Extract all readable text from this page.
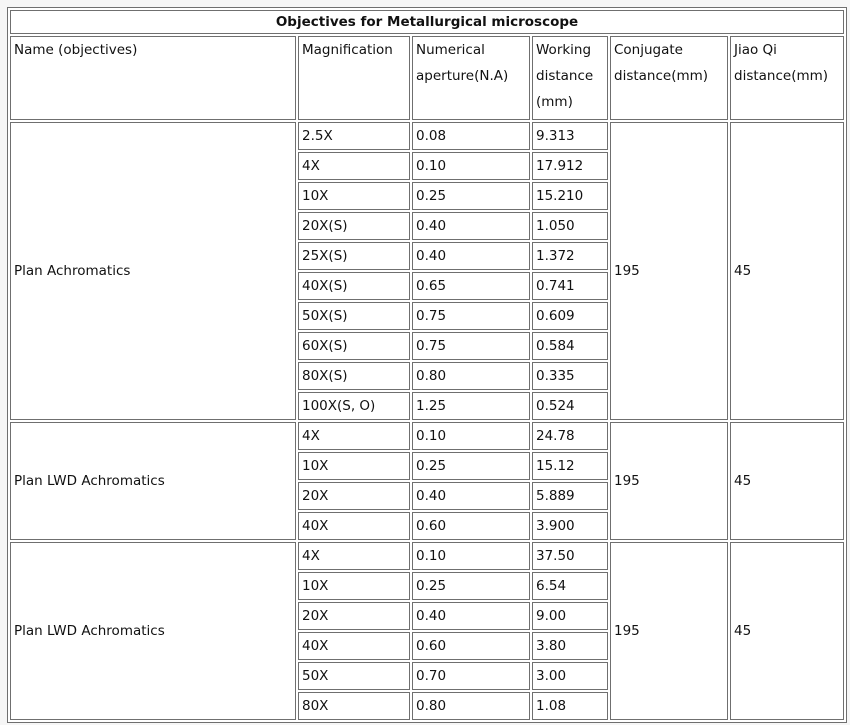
Objectives for Metallurgical microscope					
Name (objectives)	Magnification	Numerical aperture(N.A)	Working distance (mm)	Conjugate distance(mm)	Jiao Qi distance(mm)
Plan Achromatics	2.5X	0.08	9.313	195	45
	4X	0.10	17.912		
	10X	0.25	15.210		
	20X(S)	0.40	1.050		
	25X(S)	0.40	1.372		
	40X(S)	0.65	0.741		
	50X(S)	0.75	0.609		
	60X(S)	0.75	0.584		
	80X(S)	0.80	0.335		
	100X(S, O)	1.25	0.524		
Plan LWD Achromatics	4X	0.10	24.78	195	45
	10X	0.25	15.12		
	20X	0.40	5.889		
	40X	0.60	3.900		
Plan LWD Achromatics	4X	0.10	37.50	195	45
	10X	0.25	6.54		
	20X	0.40	9.00		
	40X	0.60	3.80		
	50X	0.70	3.00		
	80X	0.80	1.08		
